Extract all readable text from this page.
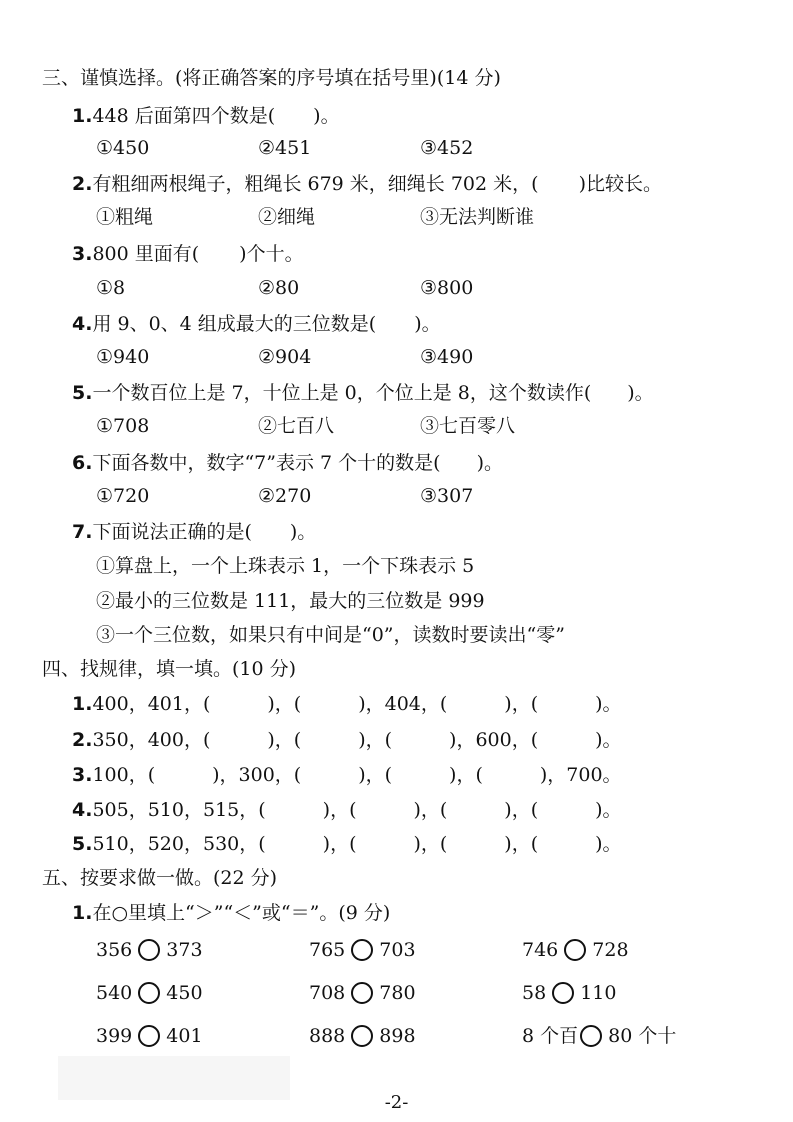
三、谨慎选择。(将正确答案的序号填在括号里)(14 分)
1.448 后面第四个数是( )。
①450	②451	③452
2.有粗细两根绳子，粗绳长 679 米，细绳长 702 米，( )比较长。
①粗绳	②细绳	③无法判断谁
3.800 里面有( )个十。
①8	②80	③800
4.用 9、0、4 组成最大的三位数是( )。
①940	②904	③490
5.一个数百位上是 7，十位上是 0，个位上是 8，这个数读作( )。
①708	②七百八	③七百零八
6.下面各数中，数字“7”表示 7 个十的数是( )。
①720	②270	③307
7.下面说法正确的是( )。
①算盘上，一个上珠表示 1，一个下珠表示 5
②最小的三位数是 111，最大的三位数是 999
③一个三位数，如果只有中间是“0”，读数时要读出“零”
四、找规律，填一填。(10 分)
1.400，401，(　　　)，(　　　)，404，(　　　)，(　　　)。
2.350，400，(　　　)，(　　　)，(　　　)，600，(　　　)。
3.100，(　　　)，300，(　　　)，(　　　)，(　　　)，700。
4.505，510，515，(　　　)，(　　　)，(　　　)，(　　　)。
5.510，520，530，(　　　)，(　　　)，(　　　)，(　　　)。
五、按要求做一做。(22 分)
1.在○里填上“＞”“＜”或“＝”。(9 分)
356 373	765 703	746 728
540 450	708 780	58 110
399 401	888 898	8 个百 80 个十
-2-
